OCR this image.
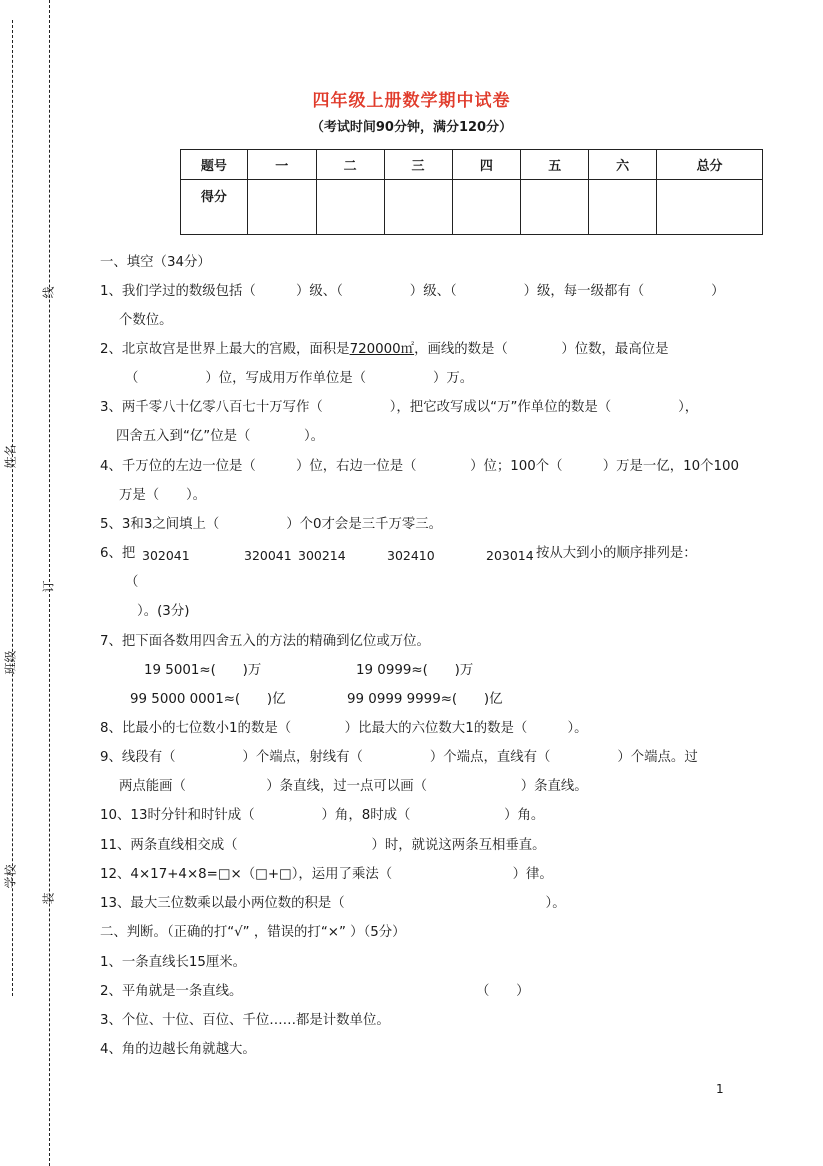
线
姓名
订
班级
装
学校
四年级上册数学期中试卷
（考试时间90分钟，满分120分）
题号	一	二	三	四	五	六	总分
得分							
一、填空（34分）
1、我们学过的数级包括（　　　）级、（　　　　　）级、（　　　　　）级，每一级都有（　　　　　）
个数位。
2、北京故宫是世界上最大的宫殿，面积是720000㎡，画线的数是（　　　　）位数，最高位是
（　　　　　）位，写成用万作单位是（　　　　　）万。
3、两千零八十亿零八百七十万写作（　　　　　），把它改写成以“万”作单位的数是（　　　　　），
四舍五入到“亿”位是（　　　　）。
4、千万位的左边一位是（　　　）位，右边一位是（　　　　）位；100个（　　　）万是一亿，10个100
万是（　　）。
5、3和3之间填上（　　　　　）个0才会是三千万零三。
6、把 302041	320041 300214	302410	203014 按从大到小的顺序排列是：
（
）。(3分)
7、把下面各数用四舍五入的方法的精确到亿位或万位。
19 5001≈(　　)万	19 0999≈(　　)万
99 5000 0001≈(　　)亿	99 0999 9999≈(　　)亿
8、比最小的七位数小1的数是（　　　　）比最大的六位数大1的数是（　　　）。
9、线段有（　　　　　）个端点，射线有（　　　　　）个端点，直线有（　　　　　）个端点。过
两点能画（　　　　　　）条直线，过一点可以画（　　　　　　　）条直线。
10、13时分针和时针成（　　　　　）角，8时成（　　　　　　　）角。
11、两条直线相交成（　　　　　　　　　　）时，就说这两条互相垂直。
12、4×17+4×8=□×（□+□），运用了乘法（　　　　　　　　　）律。
13、最大三位数乘以最小两位数的积是（　　　　　　　　　　　　　　　）。
二、判断。（正确的打“√” ，错误的打“×” ）（5分）
1、一条直线长15厘米。
2、平角就是一条直线。	（　　）
3、个位、十位、百位、千位……都是计数单位。
4、角的边越长角就越大。
1
